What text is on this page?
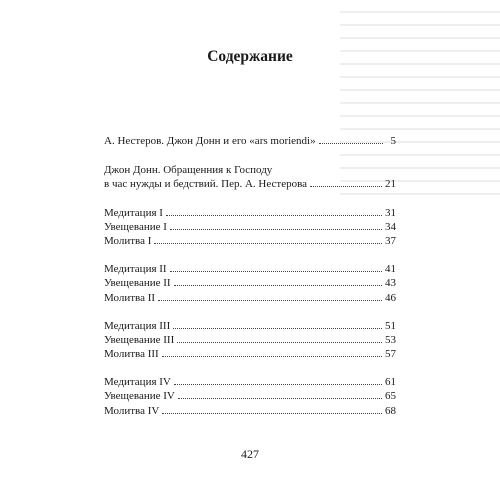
Содержание
А. Нестеров. Джон Донн и его «ars moriendi»	5
Джон Донн. Обращенния к Господу
в час нужды и бедствий. Пер. А. Нестерова	21
Медитация I	31
Увещевание I	34
Молитва I	37
Медитация II	41
Увещевание II	43
Молитва II	46
Медитация III	51
Увещевание III	53
Молитва III	57
Медитация IV	61
Увещевание IV	65
Молитва IV	68
427
